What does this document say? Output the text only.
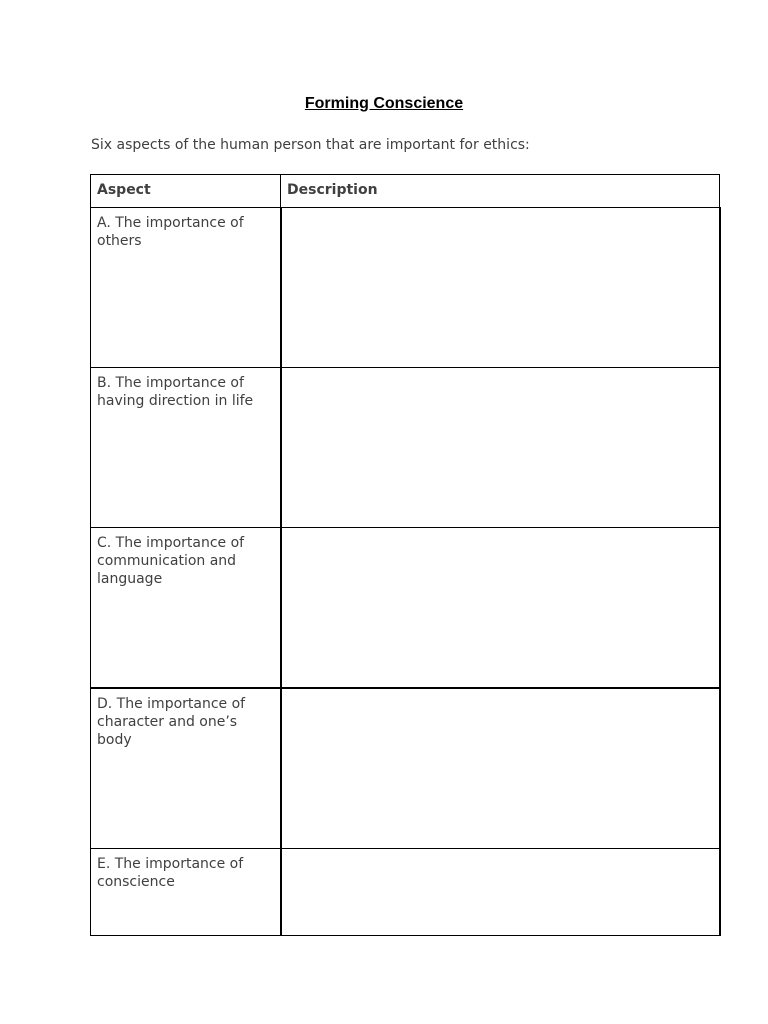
Forming Conscience
Six aspects of the human person that are important for ethics:
Aspect	Description
A. The importance of others	
B. The importance of having direction in life	
C. The importance of communication and language	
D. The importance of character and one’s body	
E. The importance of conscience	
